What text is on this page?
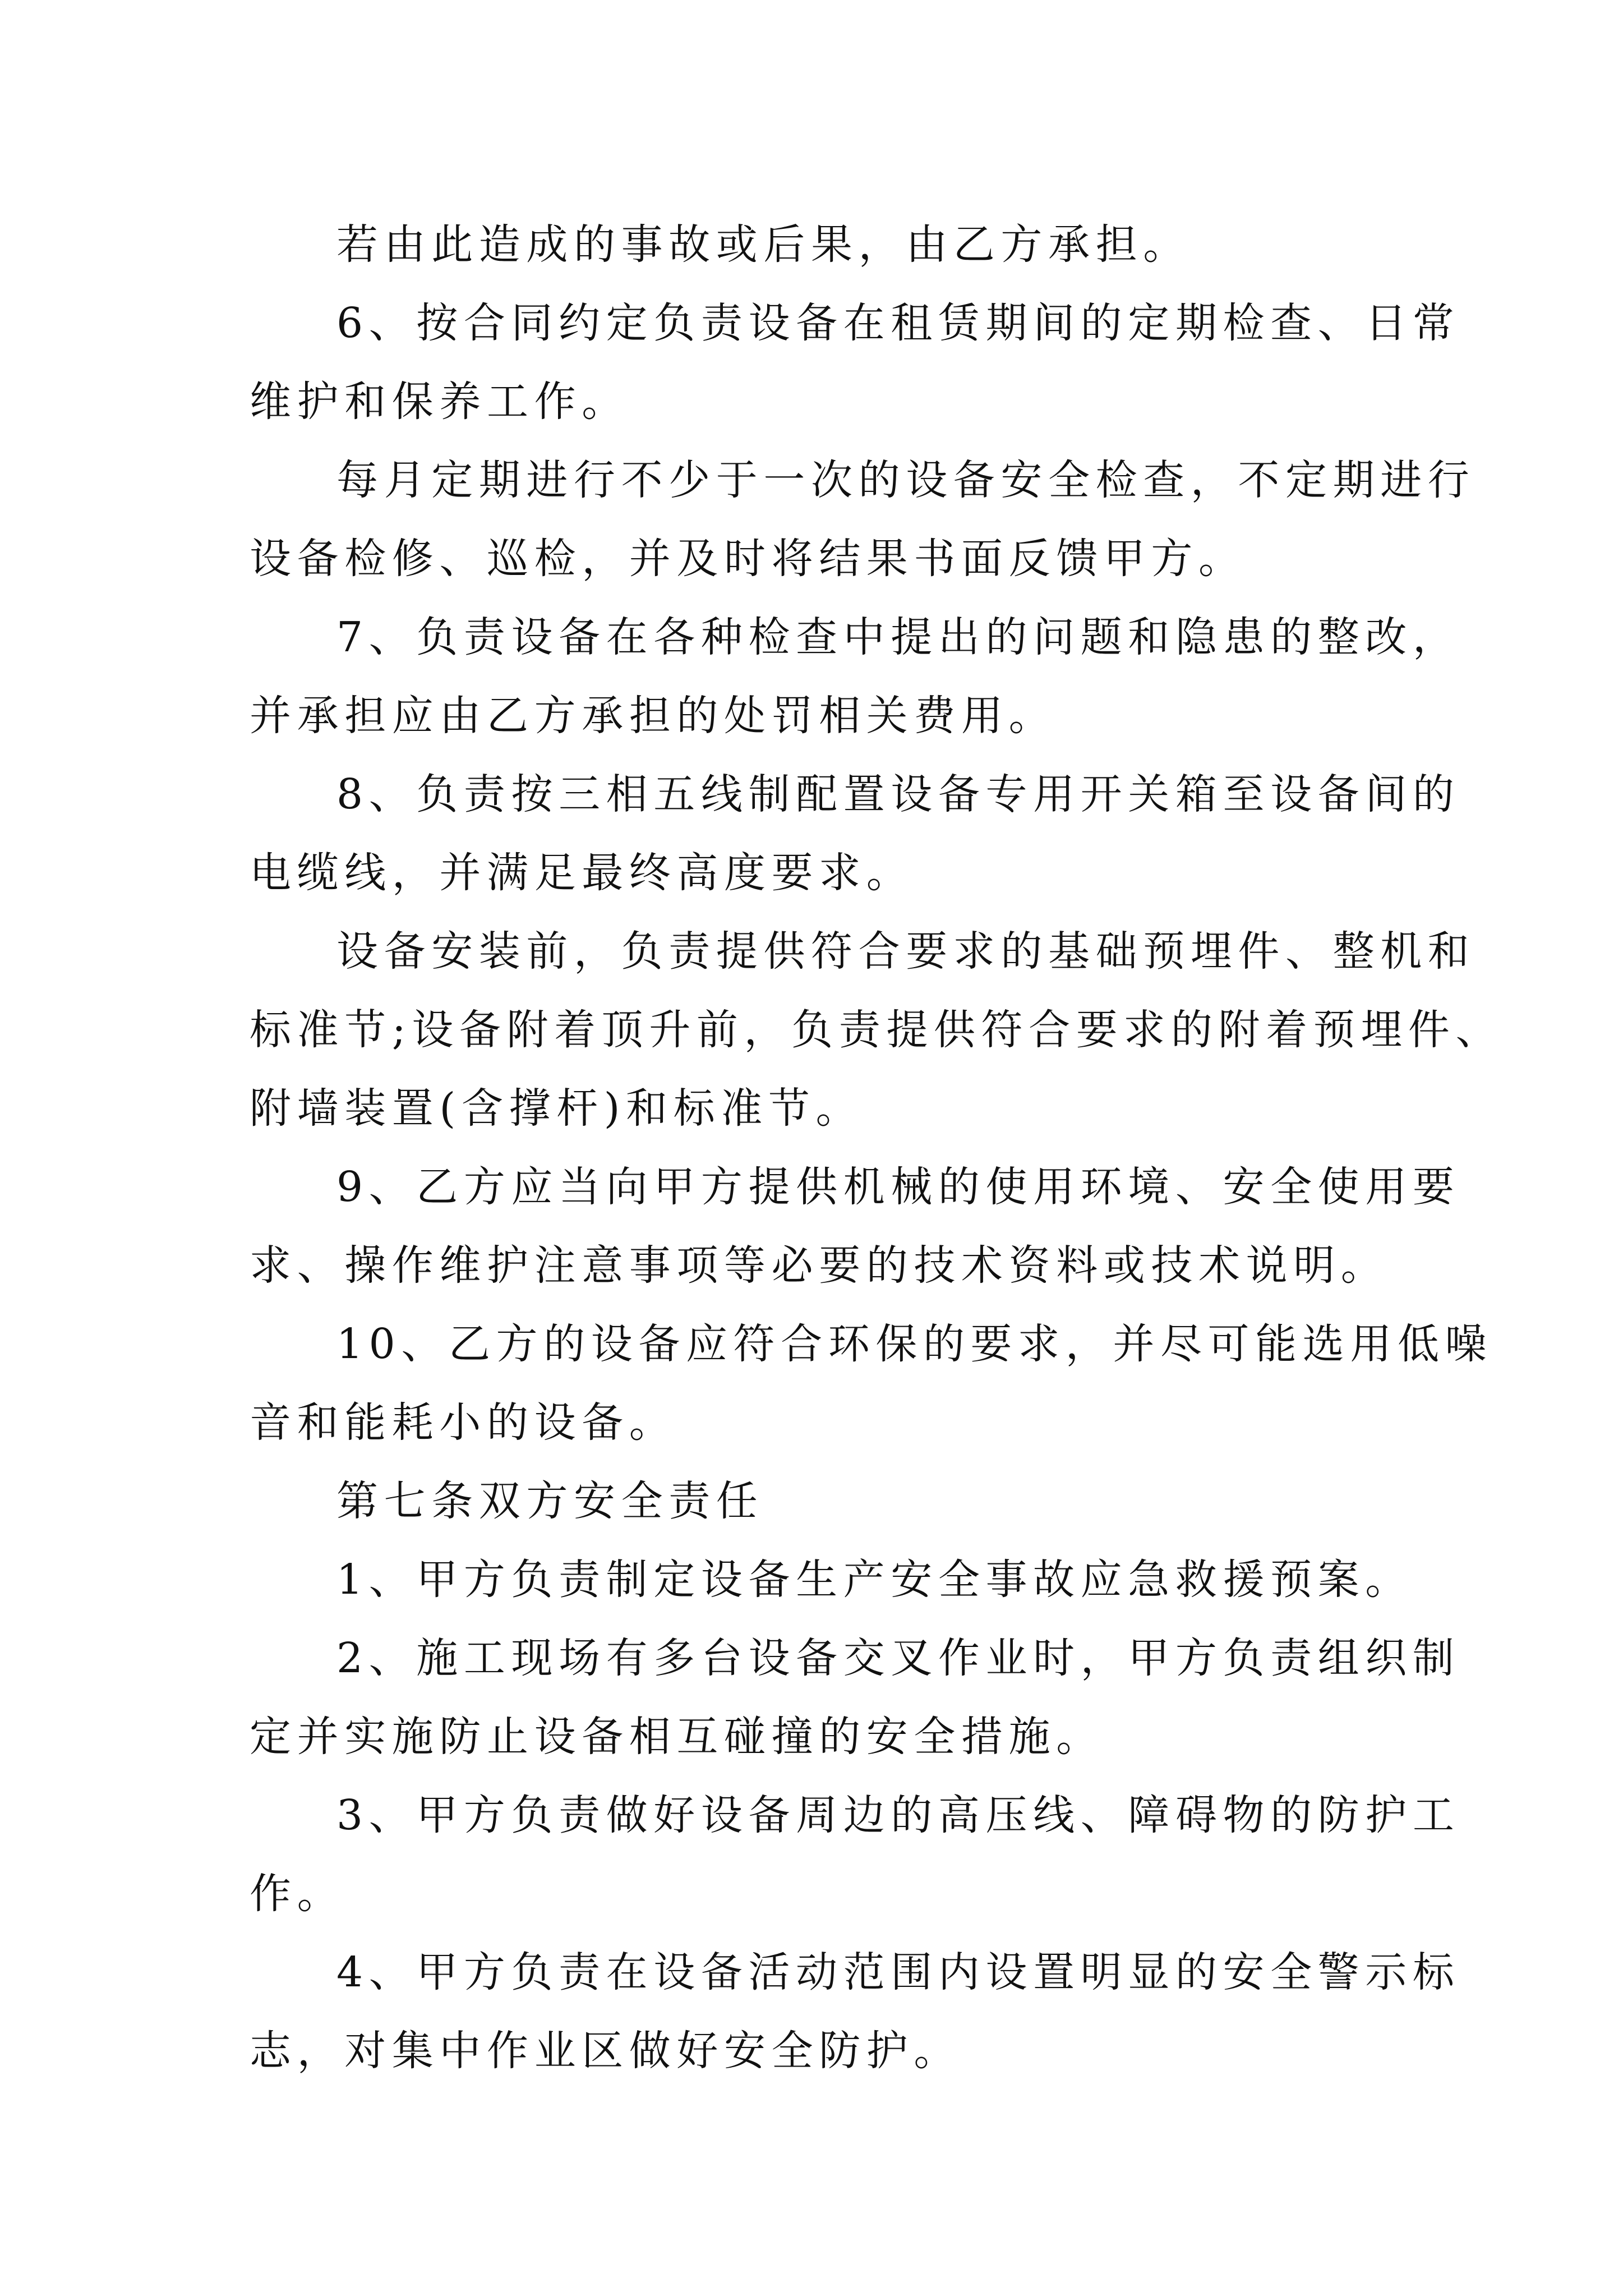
若由此造成的事故或后果，由乙方承担。

6、按合同约定负责设备在租赁期间的定期检查、日常

维护和保养工作。

每月定期进行不少于一次的设备安全检查，不定期进行

设备检修、巡检，并及时将结果书面反馈甲方。

7、负责设备在各种检查中提出的问题和隐患的整改，

并承担应由乙方承担的处罚相关费用。

8、负责按三相五线制配置设备专用开关箱至设备间的

电缆线，并满足最终高度要求。

设备安装前，负责提供符合要求的基础预埋件、整机和

标准节;设备附着顶升前，负责提供符合要求的附着预埋件、

附墙装置(含撑杆)和标准节。

9、乙方应当向甲方提供机械的使用环境、安全使用要

求、操作维护注意事项等必要的技术资料或技术说明。

10、乙方的设备应符合环保的要求，并尽可能选用低噪

音和能耗小的设备。

第七条双方安全责任

1、甲方负责制定设备生产安全事故应急救援预案。

2、施工现场有多台设备交叉作业时，甲方负责组织制

定并实施防止设备相互碰撞的安全措施。

3、甲方负责做好设备周边的高压线、障碍物的防护工

作。

4、甲方负责在设备活动范围内设置明显的安全警示标

志，对集中作业区做好安全防护。
